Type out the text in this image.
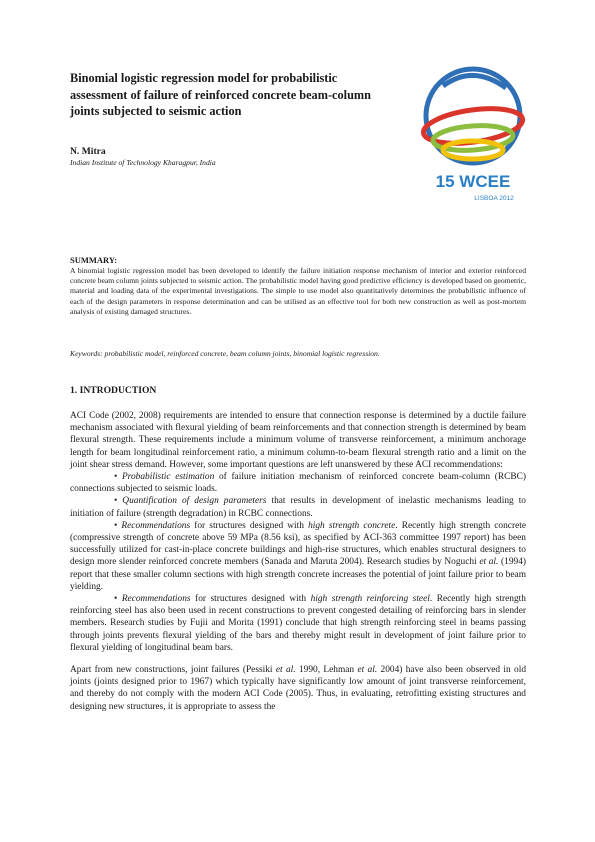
Binomial logistic regression model for probabilistic assessment of failure of reinforced concrete beam-column joints subjected to seismic action
N. Mitra
Indian Institute of Technology Kharagpur, India
15 WCEE
LISBOA 2012
SUMMARY:
A binomial logistic regression model has been developed to identify the failure initiation response mechanism of interior and exterior reinforced concrete beam column joints subjected to seismic action. The probabilistic model having good predictive efficiency is developed based on geometric, material and loading data of the experimental investigations. The simple to use model also quantitatively determines the probabilistic influence of each of the design parameters in response determination and can be utilised as an effective tool for both new construction as well as post-mortem analysis of existing damaged structures.
Keywords: probabilistic model, reinforced concrete, beam column joints, binomial logistic regression.
1. INTRODUCTION

ACI Code (2002, 2008) requirements are intended to ensure that connection response is determined by a ductile failure mechanism associated with flexural yielding of beam reinforcements and that connection strength is determined by beam flexural strength. These requirements include a minimum volume of transverse reinforcement, a minimum anchorage length for beam longitudinal reinforcement ratio, a minimum column-to-beam flexural strength ratio and a limit on the joint shear stress demand. However, some important questions are left unanswered by these ACI recommendations:

• Probabilistic estimation of failure initiation mechanism of reinforced concrete beam-column (RCBC) connections subjected to seismic loads.

• Quantification of design parameters that results in development of inelastic mechanisms leading to initiation of failure (strength degradation) in RCBC connections.

• Recommendations for structures designed with high strength concrete. Recently high strength concrete (compressive strength of concrete above 59 MPa (8.56 ksi), as specified by ACI-363 committee 1997 report) has been successfully utilized for cast-in-place concrete buildings and high-rise structures, which enables structural designers to design more slender reinforced concrete members (Sanada and Maruta 2004). Research studies by Noguchi et al. (1994) report that these smaller column sections with high strength concrete increases the potential of joint failure prior to beam yielding.

• Recommendations for structures designed with high strength reinforcing steel. Recently high strength reinforcing steel has also been used in recent constructions to prevent congested detailing of reinforcing bars in slender members. Research studies by Fujii and Morita (1991) conclude that high strength reinforcing steel in beams passing through joints prevents flexural yielding of the bars and thereby might result in development of joint failure prior to flexural yielding of longitudinal beam bars.

Apart from new constructions, joint failures (Pessiki et al. 1990, Lehman et al. 2004) have also been observed in old joints (joints designed prior to 1967) which typically have significantly low amount of joint transverse reinforcement, and thereby do not comply with the modern ACI Code (2005). Thus, in evaluating, retrofitting existing structures and designing new structures, it is appropriate to assess the
